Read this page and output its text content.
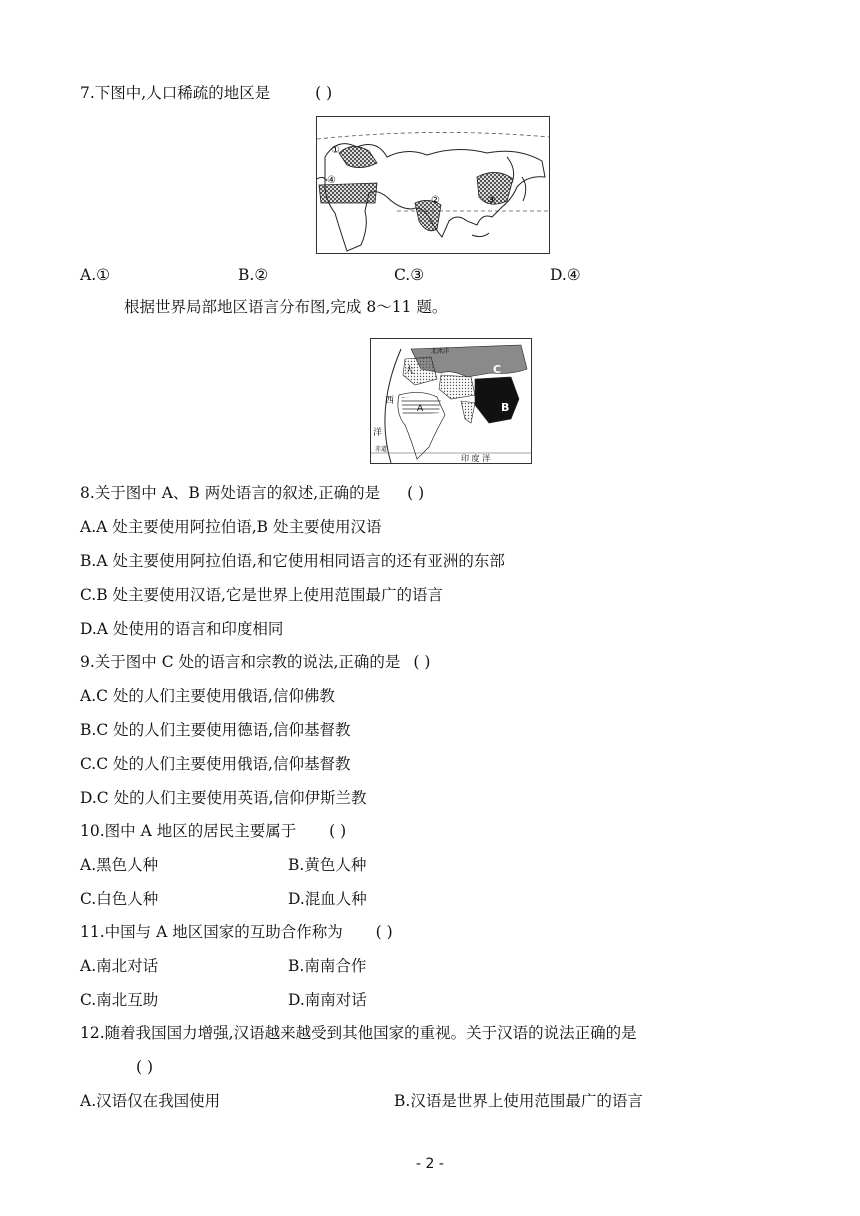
7.下图中,人口稀疏的地区是	( )
①
②	③
④
A.①	B.②	C.③	D.④
根据世界局部地区语言分布图,完成 8～11 题。
北冰洋
大
西
洋
A	B
C
赤道
印 度 洋
8.关于图中 A、B 两处语言的叙述,正确的是 ( )
A.A 处主要使用阿拉伯语,B 处主要使用汉语
B.A 处主要使用阿拉伯语,和它使用相同语言的还有亚洲的东部
C.B 处主要使用汉语,它是世界上使用范围最广的语言
D.A 处使用的语言和印度相同
9.关于图中 C 处的语言和宗教的说法,正确的是 ( )
A.C 处的人们主要使用俄语,信仰佛教
B.C 处的人们主要使用德语,信仰基督教
C.C 处的人们主要使用俄语,信仰基督教
D.C 处的人们主要使用英语,信仰伊斯兰教
10.图中 A 地区的居民主要属于 ( )
A.黑色人种	B.黄色人种
C.白色人种	D.混血人种
11.中国与 A 地区国家的互助合作称为 ( )
A.南北对话	B.南南合作
C.南北互助	D.南南对话
12.随着我国国力增强,汉语越来越受到其他国家的重视。关于汉语的说法正确的是
( )
A.汉语仅在我国使用	B.汉语是世界上使用范围最广的语言
- 2 -
